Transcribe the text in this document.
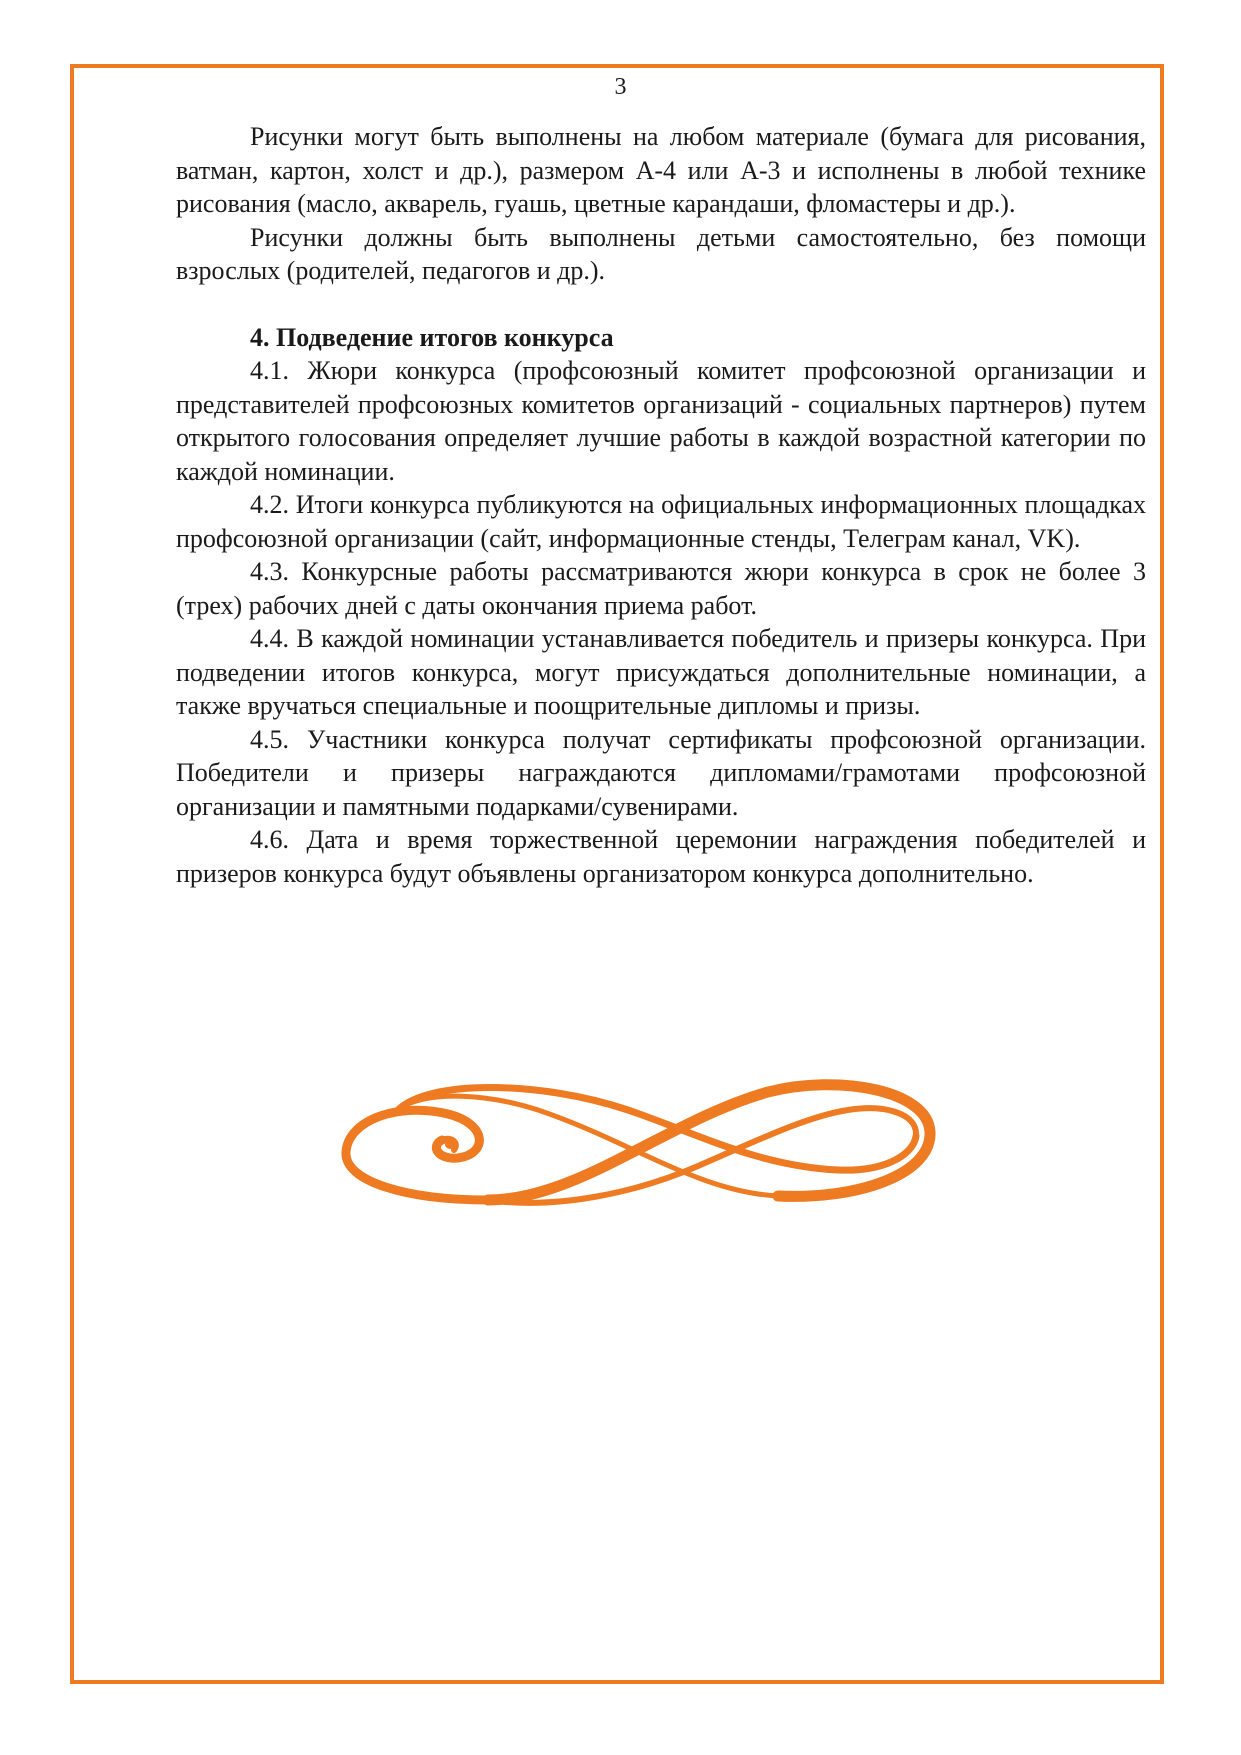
3

Рисунки могут быть выполнены на любом материале (бумага для рисования, ватман, картон, холст и др.), размером А-4 или А-3 и исполнены в любой технике рисования (масло, акварель, гуашь, цветные карандаши, фломастеры и др.).

Рисунки должны быть выполнены детьми самостоятельно, без помощи взрослых (родителей, педагогов и др.).

4. Подведение итогов конкурса

4.1. Жюри конкурса (профсоюзный комитет профсоюзной организации и представителей профсоюзных комитетов организаций - социальных партнеров) путем открытого голосования определяет лучшие работы в каждой возрастной категории по каждой номинации.

4.2. Итоги конкурса публикуются на официальных информационных площадках профсоюзной организации (сайт, информационные стенды, Телеграм канал, VK).

4.3. Конкурсные работы рассматриваются жюри конкурса в срок не более 3 (трех) рабочих дней с даты окончания приема работ.

4.4. В каждой номинации устанавливается победитель и призеры конкурса. При подведении итогов конкурса, могут присуждаться дополнительные номинации, а также вручаться специальные и поощрительные дипломы и призы.

4.5. Участники конкурса получат сертификаты профсоюзной организации. Победители и призеры награждаются дипломами/грамотами профсоюзной организации и памятными подарками/сувенирами.

4.6. Дата и время торжественной церемонии награждения победителей и призеров конкурса будут объявлены организатором конкурса дополнительно.
